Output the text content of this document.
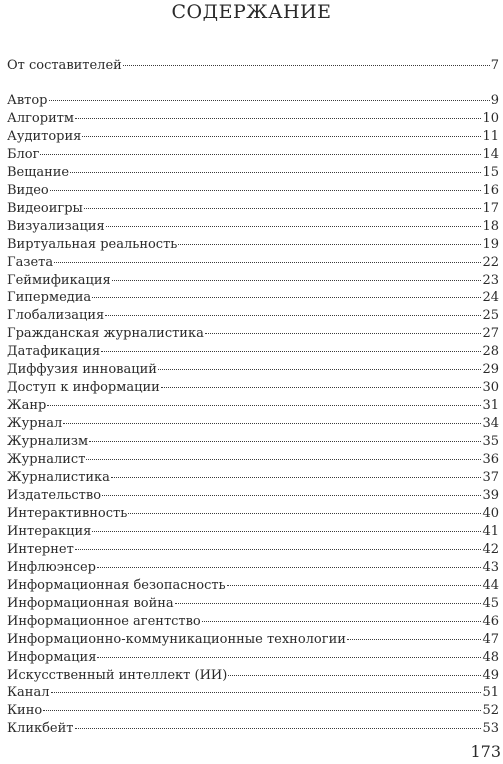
СОДЕРЖАНИЕ
От составителей	7
Автор	9
Алгоритм	10
Аудитория	11
Блог	14
Вещание	15
Видео	16
Видеоигры	17
Визуализация	18
Виртуальная реальность	19
Газета	22
Геймификация	23
Гипермедиа	24
Глобализация	25
Гражданская журналистика	27
Датафикация	28
Диффузия инноваций	29
Доступ к информации	30
Жанр	31
Журнал	34
Журнализм	35
Журналист	36
Журналистика	37
Издательство	39
Интерактивность	40
Интеракция	41
Интернет	42
Инфлюэнсер	43
Информационная безопасность	44
Информационная война	45
Информационное агентство	46
Информационно-коммуникационные технологии	47
Информация	48
Искусственный интеллект (ИИ)	49
Канал	51
Кино	52
Кликбейт	53
173
